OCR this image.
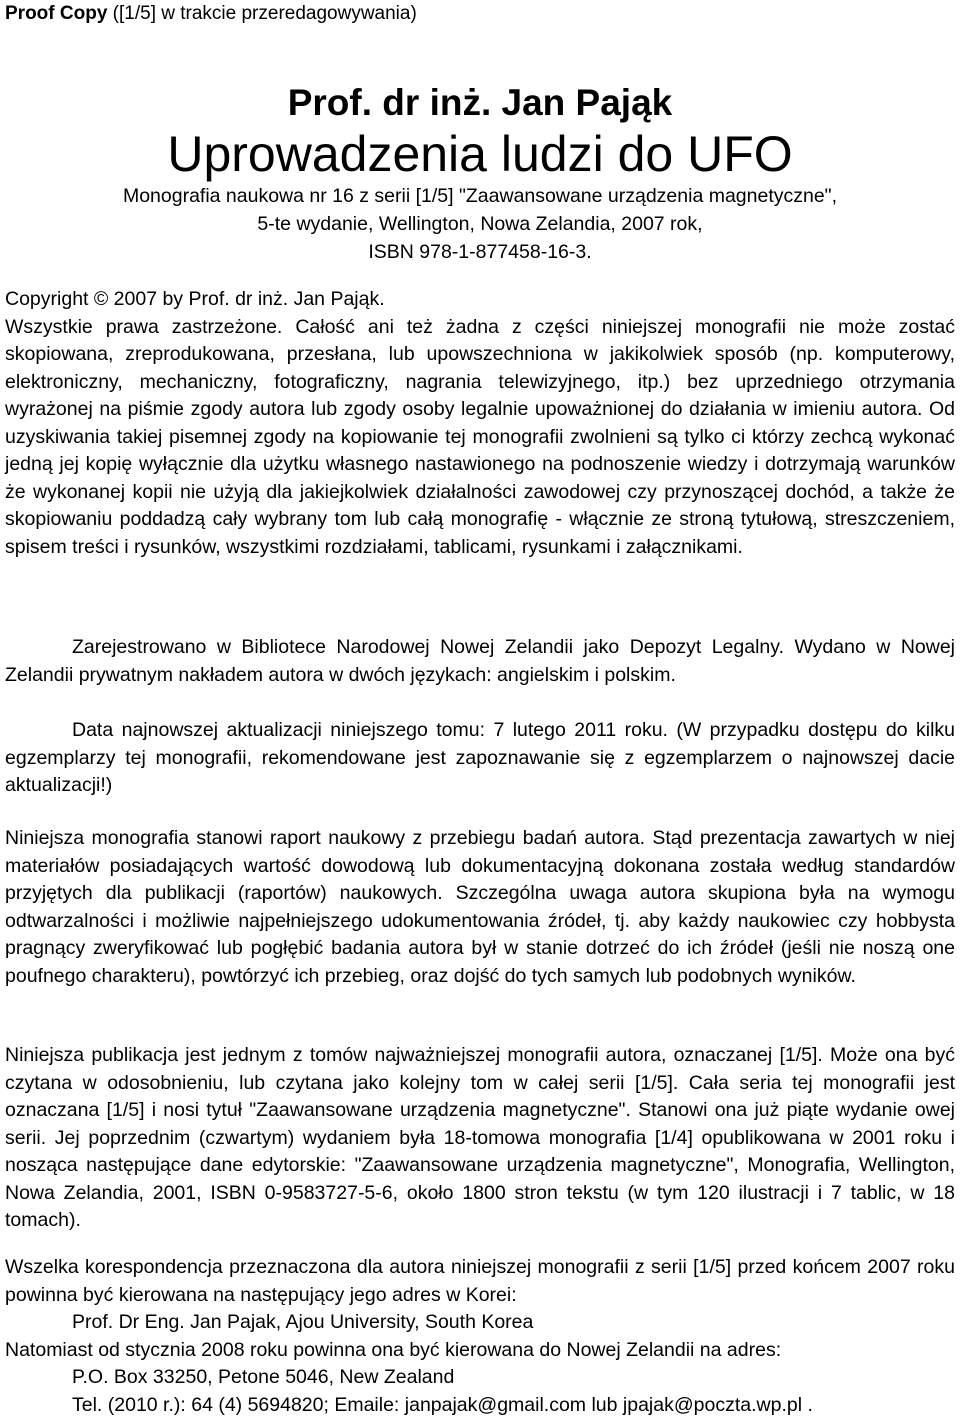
Proof Copy ([1/5] w trakcie przeredagowywania)
Prof. dr inż. Jan Pająk
Uprowadzenia ludzi do UFO
Monografia naukowa nr 16 z serii [1/5] "Zaawansowane urządzenia magnetyczne",
5-te wydanie, Wellington, Nowa Zelandia, 2007 rok,
ISBN 978-1-877458-16-3.

Copyright © 2007 by Prof. dr inż. Jan Pająk.

Wszystkie prawa zastrzeżone. Całość ani też żadna z części niniejszej monografii nie może zostać skopiowana, zreprodukowana, przesłana, lub upowszechniona w jakikolwiek sposób (np. komputerowy, elektroniczny, mechaniczny, fotograficzny, nagrania telewizyjnego, itp.) bez uprzedniego otrzymania wyrażonej na piśmie zgody autora lub zgody osoby legalnie upoważnionej do działania w imieniu autora. Od uzyskiwania takiej pisemnej zgody na kopiowanie tej monografii zwolnieni są tylko ci którzy zechcą wykonać jedną jej kopię wyłącznie dla użytku własnego nastawionego na podnoszenie wiedzy i dotrzymają warunków że wykonanej kopii nie użyją dla jakiejkolwiek działalności zawodowej czy przynoszącej dochód, a także że skopiowaniu poddadzą cały wybrany tom lub całą monografię - włącznie ze stroną tytułową, streszczeniem, spisem treści i rysunków, wszystkimi rozdziałami, tablicami, rysunkami i załącznikami.

Zarejestrowano w Bibliotece Narodowej Nowej Zelandii jako Depozyt Legalny. Wydano w Nowej Zelandii prywatnym nakładem autora w dwóch językach: angielskim i polskim.

Data najnowszej aktualizacji niniejszego tomu: 7 lutego 2011 roku. (W przypadku dostępu do kilku egzemplarzy tej monografii, rekomendowane jest zapoznawanie się z egzemplarzem o najnowszej dacie aktualizacji!)

Niniejsza monografia stanowi raport naukowy z przebiegu badań autora. Stąd prezentacja zawartych w niej materiałów posiadających wartość dowodową lub dokumentacyjną dokonana została według standardów przyjętych dla publikacji (raportów) naukowych. Szczególna uwaga autora skupiona była na wymogu odtwarzalności i możliwie najpełniejszego udokumentowania źródeł, tj. aby każdy naukowiec czy hobbysta pragnący zweryfikować lub pogłębić badania autora był w stanie dotrzeć do ich źródeł (jeśli nie noszą one poufnego charakteru), powtórzyć ich przebieg, oraz dojść do tych samych lub podobnych wyników.

Niniejsza publikacja jest jednym z tomów najważniejszej monografii autora, oznaczanej [1/5]. Może ona być czytana w odosobnieniu, lub czytana jako kolejny tom w całej serii [1/5]. Cała seria tej monografii jest oznaczana [1/5] i nosi tytuł "Zaawansowane urządzenia magnetyczne". Stanowi ona już piąte wydanie owej serii. Jej poprzednim (czwartym) wydaniem była 18-tomowa monografia [1/4] opublikowana w 2001 roku i nosząca następujące dane edytorskie: "Zaawansowane urządzenia magnetyczne", Monografia, Wellington, Nowa Zelandia, 2001, ISBN 0-9583727-5-6, około 1800 stron tekstu (w tym 120 ilustracji i 7 tablic, w 18 tomach).

Wszelka korespondencja przeznaczona dla autora niniejszej monografii z serii [1/5] przed końcem 2007 roku powinna być kierowana na następujący jego adres w Korei:

Prof. Dr Eng. Jan Pajak, Ajou University, South Korea

Natomiast od stycznia 2008 roku powinna ona być kierowana do Nowej Zelandii na adres:

P.O. Box 33250, Petone 5046, New Zealand

Tel. (2010 r.): 64 (4) 5694820; Emaile: janpajak@gmail.com lub jpajak@poczta.wp.pl .
